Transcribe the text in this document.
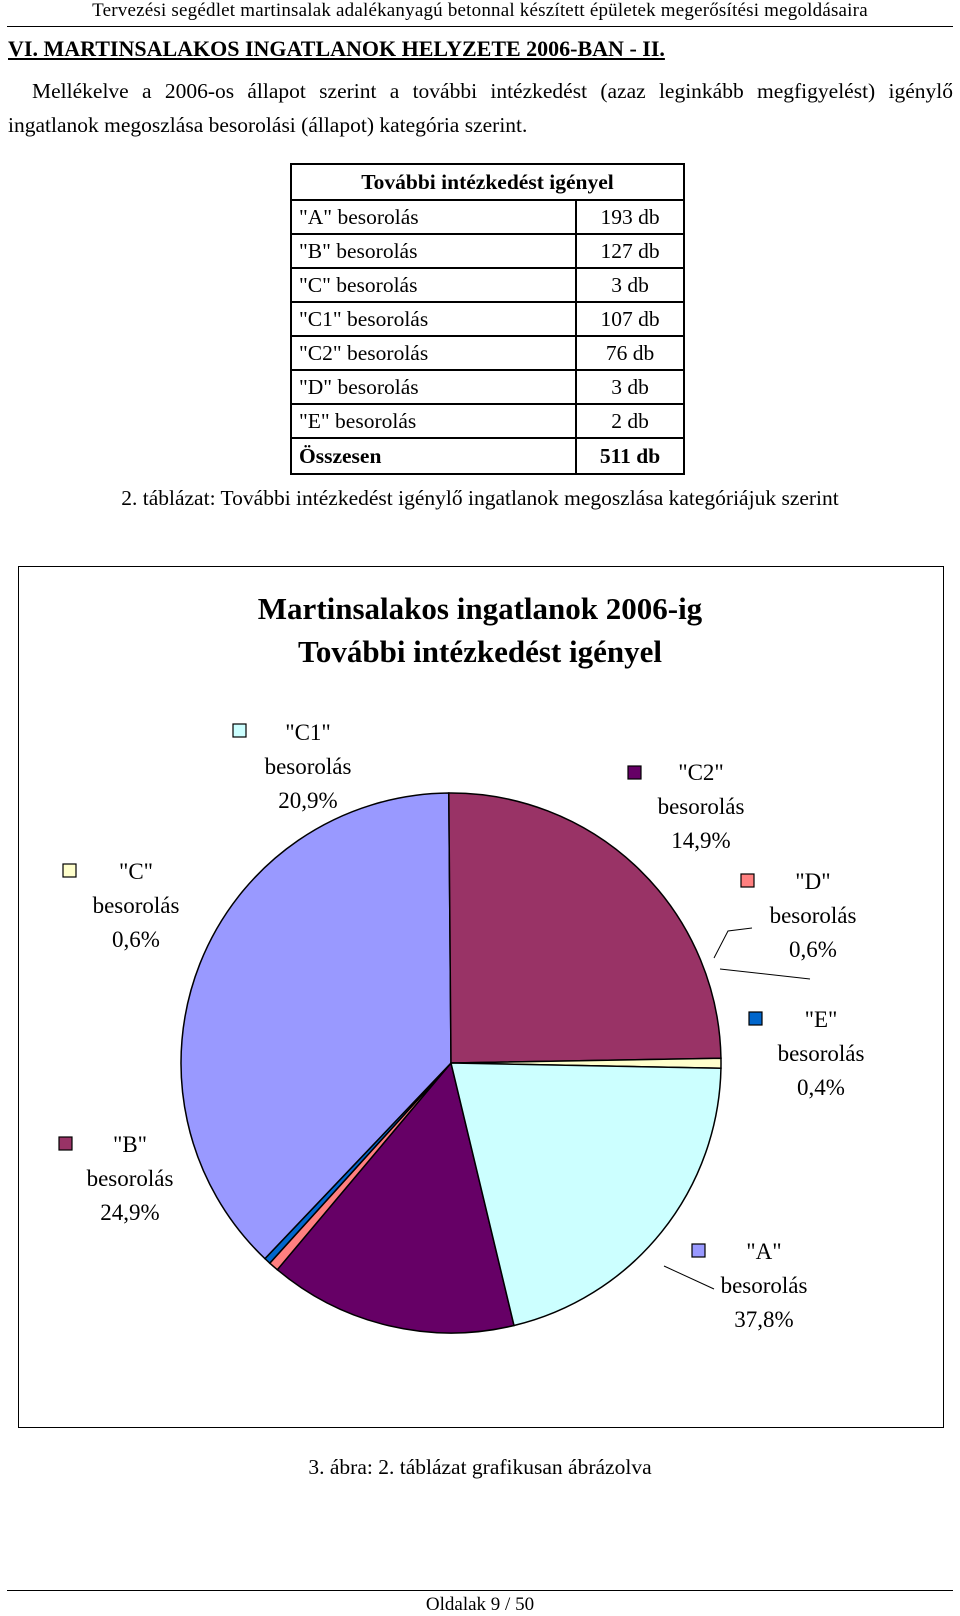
Tervezési segédlet martinsalak adalékanyagú betonnal készített épületek megerősítési megoldásaira
VI. MARTINSALAKOS INGATLANOK HELYZETE 2006-BAN - II.
Mellékelve a 2006-os állapot szerint a további intézkedést (azaz leginkább megfigyelést) igénylő ingatlanok megoszlása besorolási (állapot) kategória szerint.
További intézkedést igényel	
"A" besorolás	193 db
"B" besorolás	127 db
"C" besorolás	3 db
"C1" besorolás	107 db
"C2" besorolás	76 db
"D" besorolás	3 db
"E" besorolás	2 db
Összesen	511 db
2. táblázat: További intézkedést igénylő ingatlanok megoszlása kategóriájuk szerint
Martinsalakos ingatlanok 2006-ig
További intézkedést igényel
"A"
besorolás
37,8%
"B"
besorolás
24,9%
"C"
besorolás
0,6%
"C1"
besorolás
20,9%
"C2"
besorolás
14,9%
"D"
besorolás
0,6%
"E"
besorolás
0,4%
3. ábra: 2. táblázat grafikusan ábrázolva
Oldalak 9 / 50
